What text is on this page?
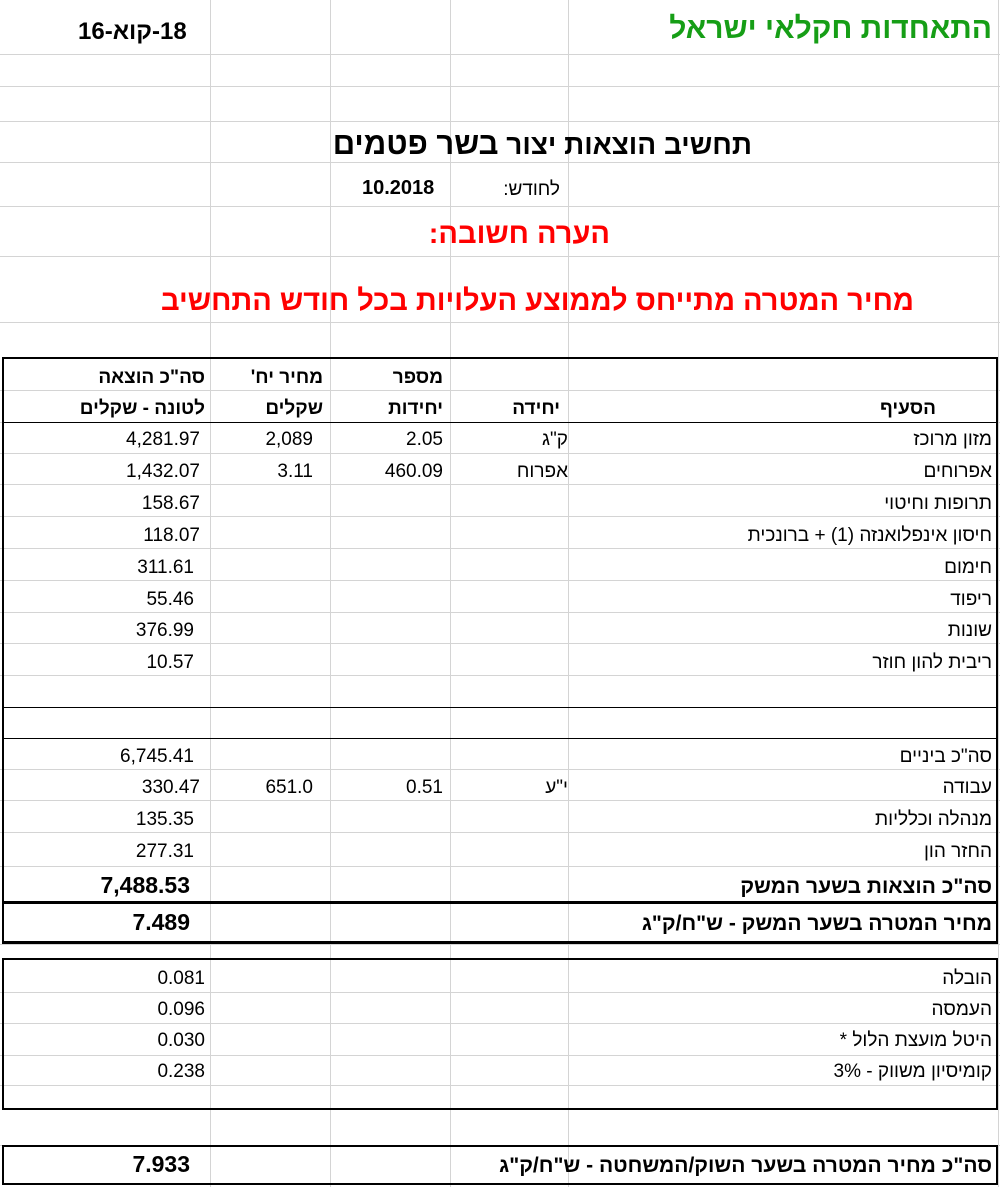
התאחדות חקלאי ישראל
16-אוק-18
תחשיב הוצאות יצור בשר פטמים
לחודש:
10.2018
הערה חשובה:
מחיר המטרה מתייחס לממוצע העלויות בכל חודש התחשיב
הסעיף
יחידה
מספר
יחידות
מחיר יח'
שקלים
סה"כ הוצאה
לטונה - שקלים
מזון מרוכז
ק"ג
2.05
2,089
4,281.97
אפרוחים
אפרוח
460.09
3.11
1,432.07
תרופות וחיטוי
158.67
חיסון אינפלואנזה (1) + ברונכית
118.07
חימום
311.61
ריפוד
55.46
שונות
376.99
ריבית להון חוזר
10.57
סה"כ ביניים
6,745.41
עבודה
י"ע
0.51
651.0
330.47
מנהלה וכלליות
135.35
החזר הון
277.31
סה"כ הוצאות בשער המשק
7,488.53
מחיר המטרה בשער המשק - ש"ח/ק"ג
7.489
הובלה
0.081
העמסה
0.096
היטל מועצת הלול *
0.030
קומיסיון משווק - 3%
0.238
סה"כ מחיר המטרה בשער השוק/המשחטה - ש"ח/ק"ג
7.933
